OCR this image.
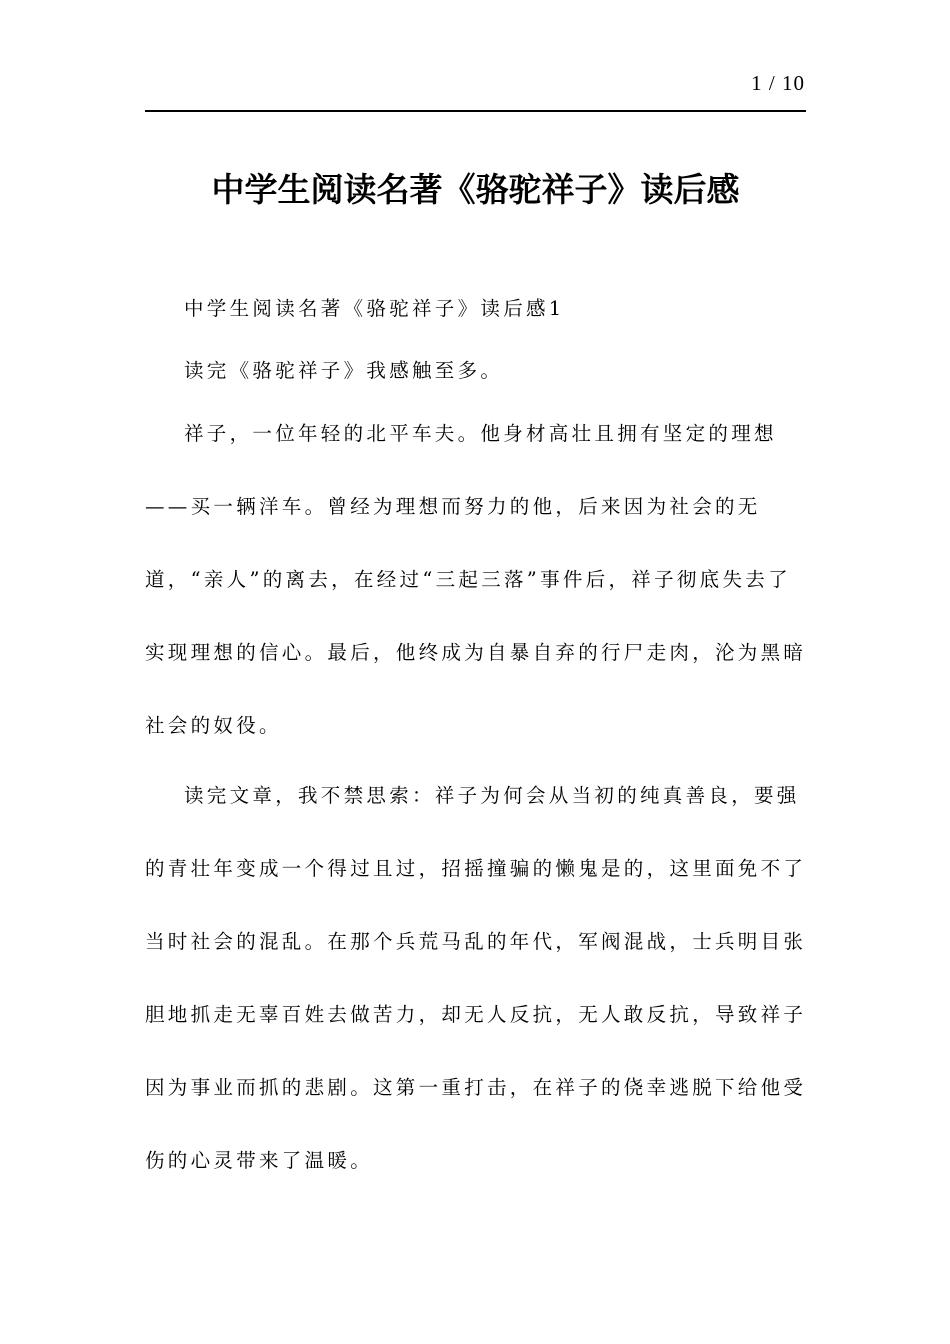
1 / 10
中学生阅读名著《骆驼祥子》读后感

中学生阅读名著《骆驼祥子》读后感1

读完《骆驼祥子》我感触至多。

祥子，一位年轻的北平车夫。他身材高壮且拥有坚定的理想——买一辆洋车。曾经为理想而努力的他，后来因为社会的无道，“亲人”的离去，在经过“三起三落”事件后，祥子彻底失去了实现理想的信心。最后，他终成为自暴自弃的行尸走肉，沦为黑暗社会的奴役。

读完文章，我不禁思索：祥子为何会从当初的纯真善良，要强的青壮年变成一个得过且过，招摇撞骗的懒鬼是的，这里面免不了当时社会的混乱。在那个兵荒马乱的年代，军阀混战，士兵明目张胆地抓走无辜百姓去做苦力，却无人反抗，无人敢反抗，导致祥子因为事业而抓的悲剧。这第一重打击，在祥子的侥幸逃脱下给他受伤的心灵带来了温暖。
